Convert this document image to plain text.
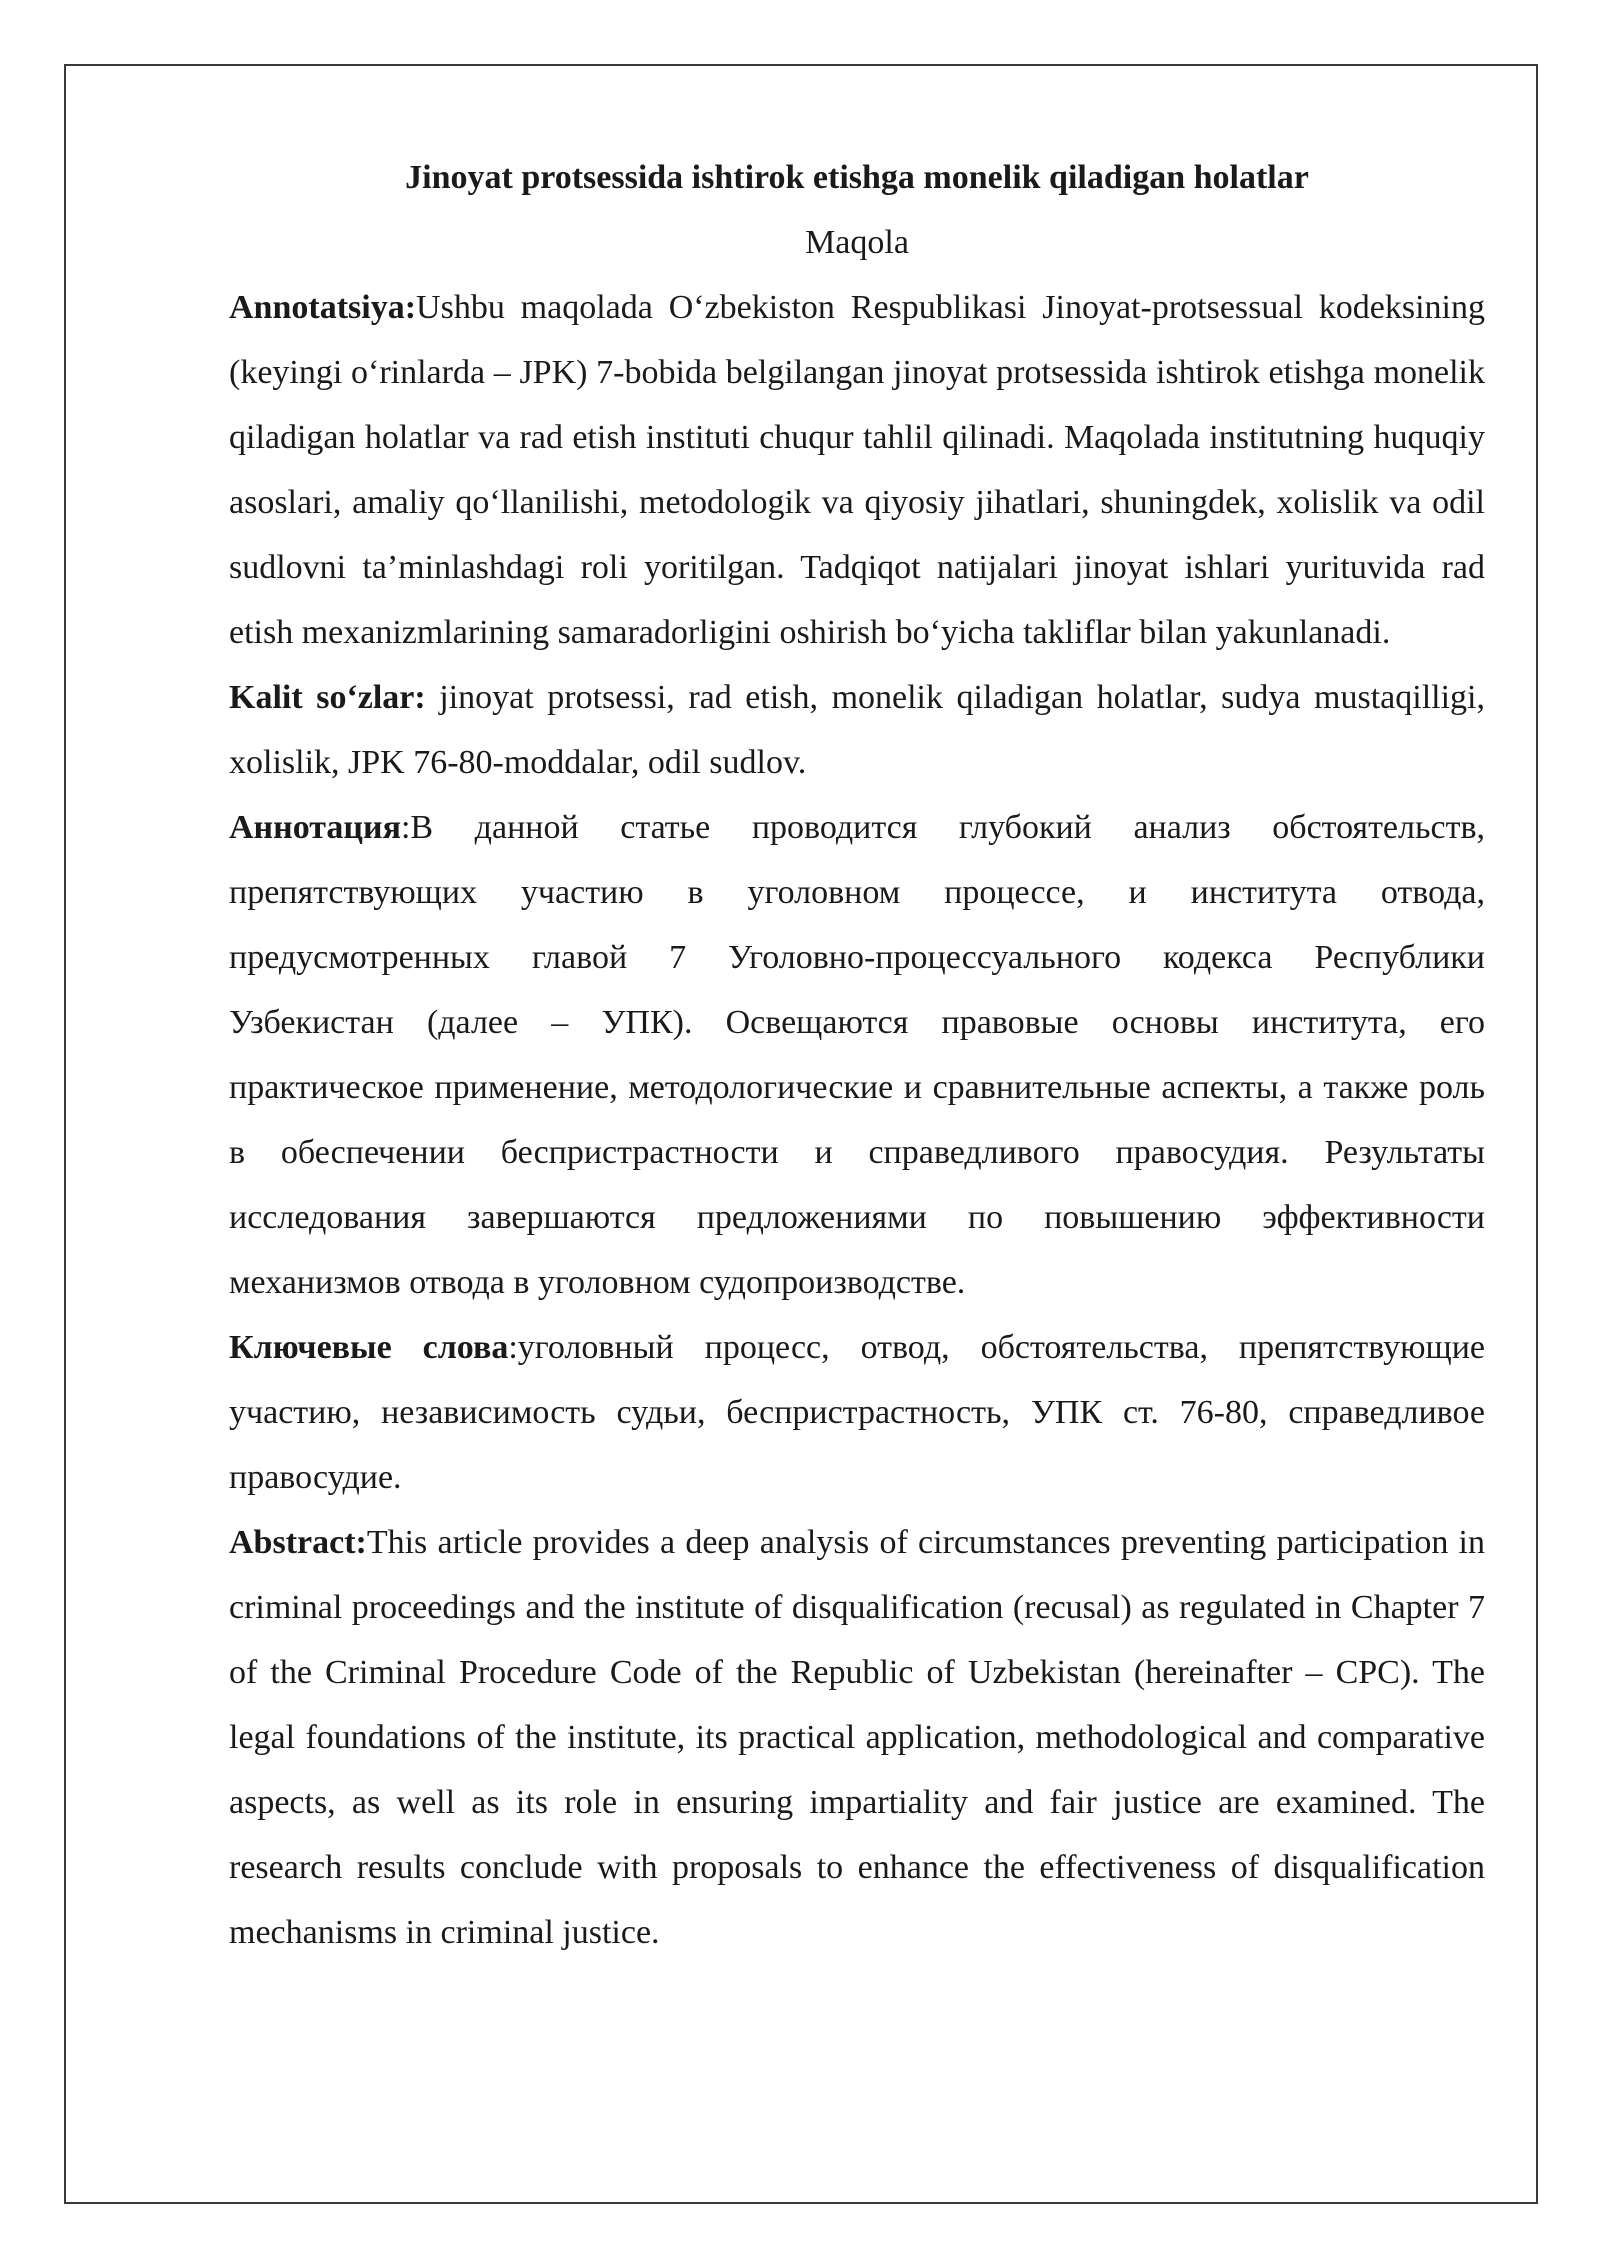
Jinoyat protsessida ishtirok etishga monelik qiladigan holatlar

Maqola

Annotatsiya:Ushbu maqolada O‘zbekiston Respublikasi Jinoyat-protsessual kodeksining (keyingi o‘rinlarda – JPK) 7-bobida belgilangan jinoyat protsessida ishtirok etishga monelik qiladigan holatlar va rad etish instituti chuqur tahlil qilinadi. Maqolada institutning huquqiy asoslari, amaliy qo‘llanilishi, metodologik va qiyosiy jihatlari, shuningdek, xolislik va odil sudlovni ta’minlashdagi roli yoritilgan. Tadqiqot natijalari jinoyat ishlari yurituvida rad etish mexanizmlarining samaradorligini oshirish bo‘yicha takliflar bilan yakunlanadi.

Kalit so‘zlar: jinoyat protsessi, rad etish, monelik qiladigan holatlar, sudya mustaqilligi, xolislik, JPK 76-80-moddalar, odil sudlov.

Аннотация:В данной статье проводится глубокий анализ обстоятельств, препятствующих участию в уголовном процессе, и института отвода, предусмотренных главой 7 Уголовно-процессуального кодекса Республики Узбекистан (далее – УПК). Освещаются правовые основы института, его практическое применение, методологические и сравнительные аспекты, а также роль в обеспечении беспристрастности и справедливого правосудия. Результаты исследования завершаются предложениями по повышению эффективности механизмов отвода в уголовном судопроизводстве.

Ключевые слова:уголовный процесс, отвод, обстоятельства, препятствующие участию, независимость судьи, беспристрастность, УПК ст. 76-80, справедливое правосудие.

Abstract:This article provides a deep analysis of circumstances preventing participation in criminal proceedings and the institute of disqualification (recusal) as regulated in Chapter 7 of the Criminal Procedure Code of the Republic of Uzbekistan (hereinafter – CPC). The legal foundations of the institute, its practical application, methodological and comparative aspects, as well as its role in ensuring impartiality and fair justice are examined. The research results conclude with proposals to enhance the effectiveness of disqualification mechanisms in criminal justice.
